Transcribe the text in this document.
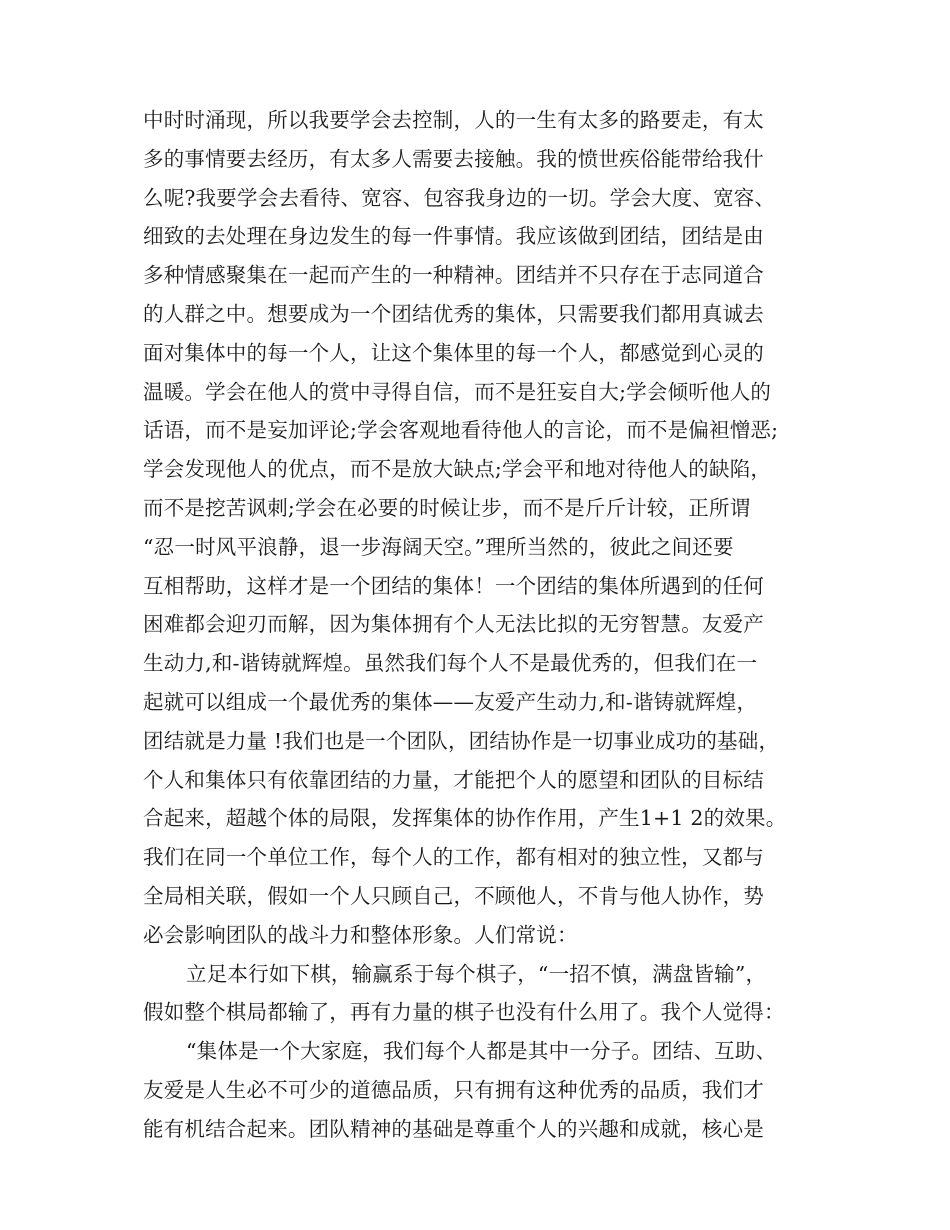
中时时涌现，所以我要学会去控制，人的一生有太多的路要走，有太
多的事情要去经历，有太多人需要去接触。我的愤世疾俗能带给我什
么呢?我要学会去看待、宽容、包容我身边的一切。学会大度、宽容、
细致的去处理在身边发生的每一件事情。我应该做到团结，团结是由
多种情感聚集在一起而产生的一种精神。团结并不只存在于志同道合
的人群之中。想要成为一个团结优秀的集体，只需要我们都用真诚去
面对集体中的每一个人，让这个集体里的每一个人，都感觉到心灵的
温暖。学会在他人的赏中寻得自信，而不是狂妄自大;学会倾听他人的
话语，而不是妄加评论;学会客观地看待他人的言论，而不是偏袒憎恶;
学会发现他人的优点，而不是放大缺点;学会平和地对待他人的缺陷，
而不是挖苦讽刺;学会在必要的时候让步，而不是斤斤计较，正所谓
“忍一时风平浪静，退一步海阔天空。”理所当然的，彼此之间还要
互相帮助，这样才是一个团结的集体！一个团结的集体所遇到的任何
困难都会迎刃而解，因为集体拥有个人无法比拟的无穷智慧。友爱产
生动力,和-谐铸就辉煌。虽然我们每个人不是最优秀的，但我们在一
起就可以组成一个最优秀的集体——友爱产生动力,和-谐铸就辉煌，
团结就是力量 !我们也是一个团队，团结协作是一切事业成功的基础，
个人和集体只有依靠团结的力量，才能把个人的愿望和团队的目标结
合起来，超越个体的局限，发挥集体的协作作用，产生1+1 2的效果。
我们在同一个单位工作，每个人的工作，都有相对的独立性，又都与
全局相关联，假如一个人只顾自己，不顾他人，不肯与他人协作，势
必会影响团队的战斗力和整体形象。人们常说：
立足本行如下棋，输赢系于每个棋子，“一招不慎，满盘皆输”，
假如整个棋局都输了，再有力量的棋子也没有什么用了。我个人觉得：
“集体是一个大家庭，我们每个人都是其中一分子。团结、互助、
友爱是人生必不可少的道德品质，只有拥有这种优秀的品质，我们才
能有机结合起来。团队精神的基础是尊重个人的兴趣和成就，核心是
